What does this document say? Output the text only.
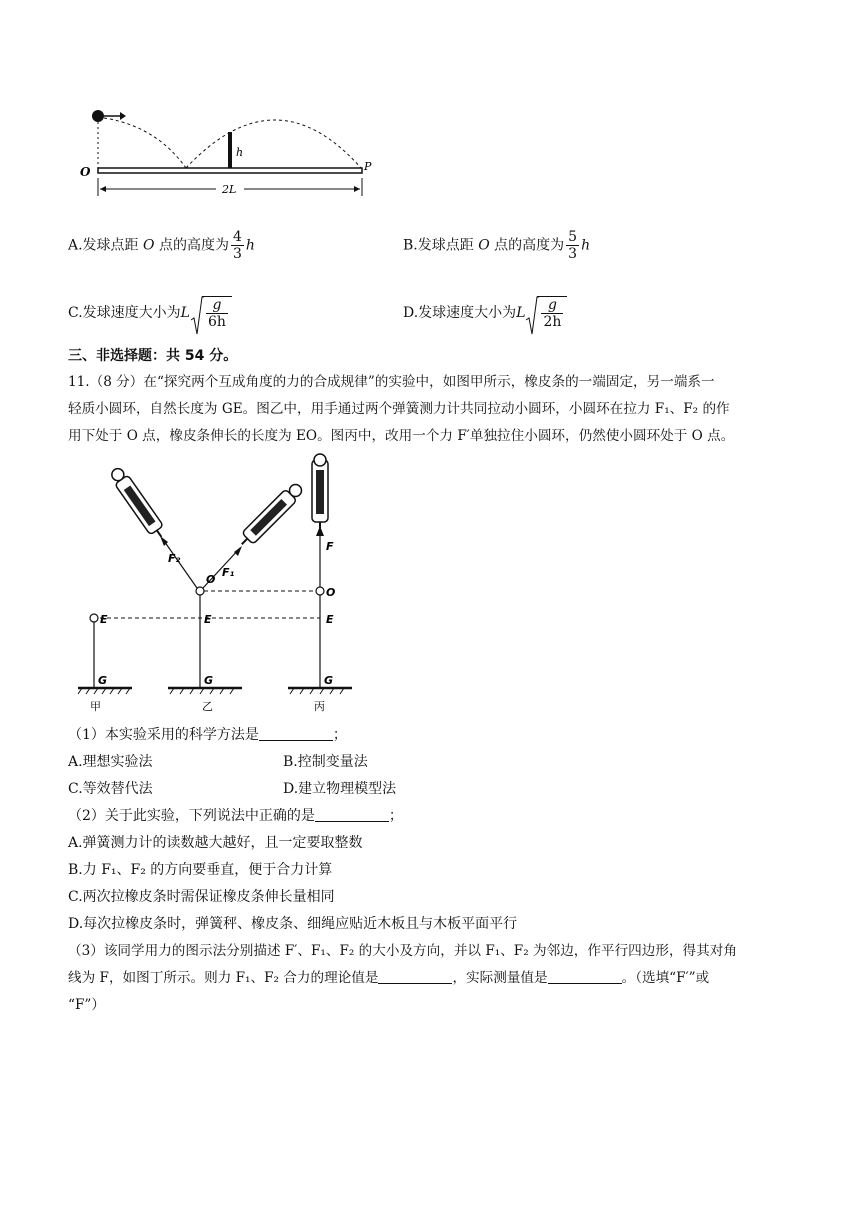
h
O	P
2L
A.发球点距 O 点的高度为 $\frac{4}{3}$ h	B.发球点距 O 点的高度为 $\frac{5}{3}$ h
C.发球速度大小为L $\frac{g}{6h}$	D.发球速度大小为L $\frac{g}{2h}$
三、非选择题：共 54 分。
11.（8 分）在“探究两个互成角度的力的合成规律”的实验中，如图甲所示，橡皮条的一端固定，另一端系一
轻质小圆环，自然长度为 GE。图乙中，用手通过两个弹簧测力计共同拉动小圆环，小圆环在拉力 F₁、F₂ 的作
用下处于 O 点，橡皮条伸长的长度为 EO。图丙中，改用一个力 F′单独拉住小圆环，仍然使小圆环处于 O 点。
E	E	E
O
O
F₂
F₁
F
G	G	G
甲	乙	丙
（1）本实验采用的科学方法是	；
A.理想实验法	B.控制变量法
C.等效替代法	D.建立物理模型法
（2）关于此实验，下列说法中正确的是	；
A.弹簧测力计的读数越大越好，且一定要取整数
B.力 F₁、F₂ 的方向要垂直，便于合力计算
C.两次拉橡皮条时需保证橡皮条伸长量相同
D.每次拉橡皮条时，弹簧秤、橡皮条、细绳应贴近木板且与木板平面平行
（3）该同学用力的图示法分别描述 F′、F₁、F₂ 的大小及方向，并以 F₁、F₂ 为邻边，作平行四边形，得其对角
线为 F，如图丁所示。则力 F₁、F₂ 合力的理论值是	，实际测量值是	。（选填“F′”或
“F”）
